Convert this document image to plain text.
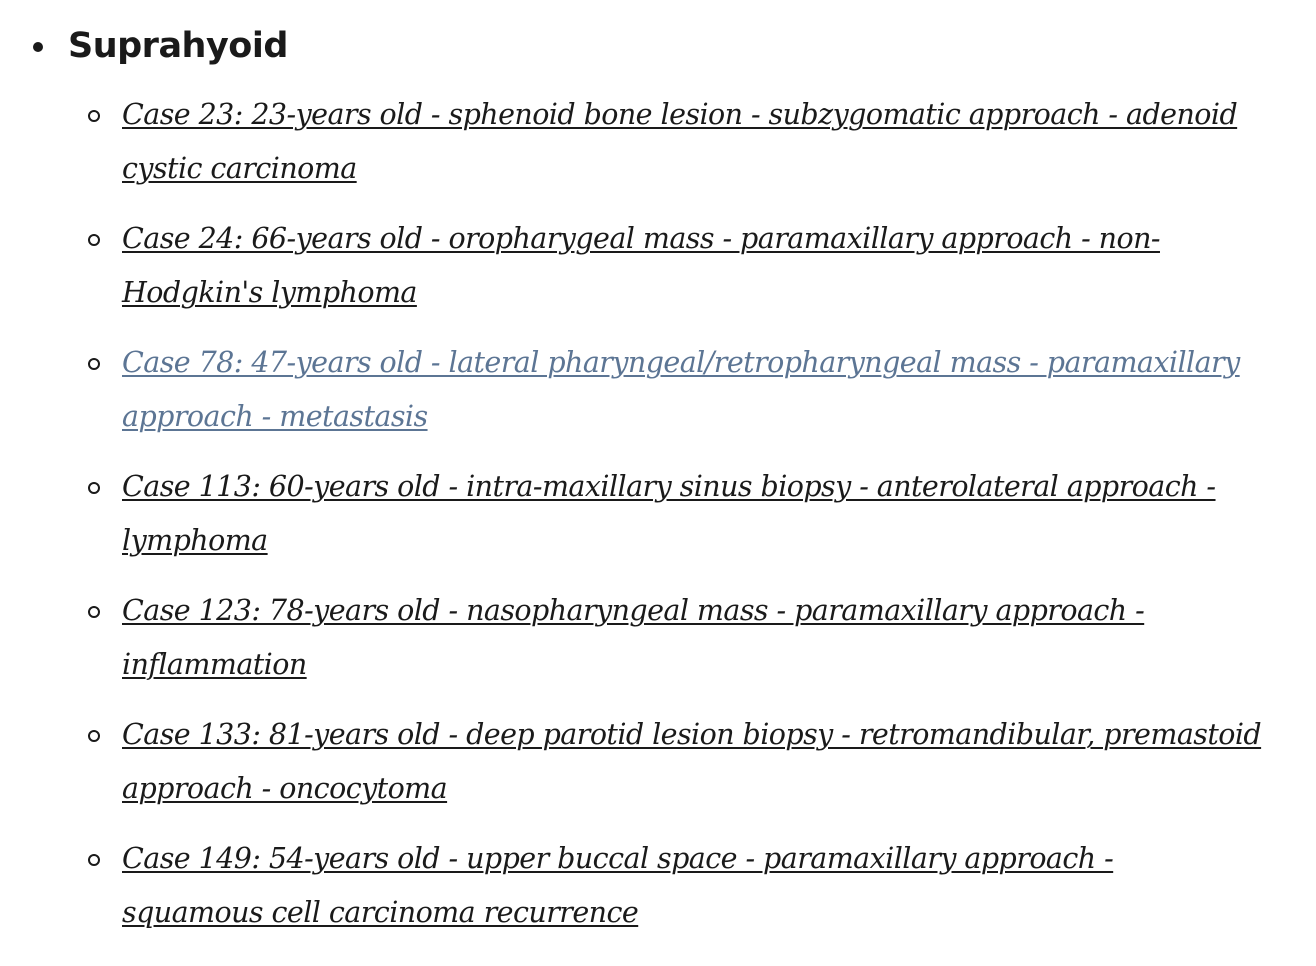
Suprahyoid
Case 23: 23-years old - sphenoid bone lesion - subzygomatic approach - adenoid cystic carcinoma
Case 24: 66-years old - oropharygeal mass - paramaxillary approach - non-Hodgkin's lymphoma
Case 78: 47-years old - lateral pharyngeal/retropharyngeal mass - paramaxillary approach - metastasis
Case 113: 60-years old - intra-maxillary sinus biopsy - anterolateral approach - lymphoma
Case 123: 78-years old - nasopharyngeal mass - paramaxillary approach - inflammation
Case 133: 81-years old - deep parotid lesion biopsy - retromandibular, premastoid approach - oncocytoma
Case 149: 54-years old - upper buccal space - paramaxillary approach - squamous cell carcinoma recurrence
